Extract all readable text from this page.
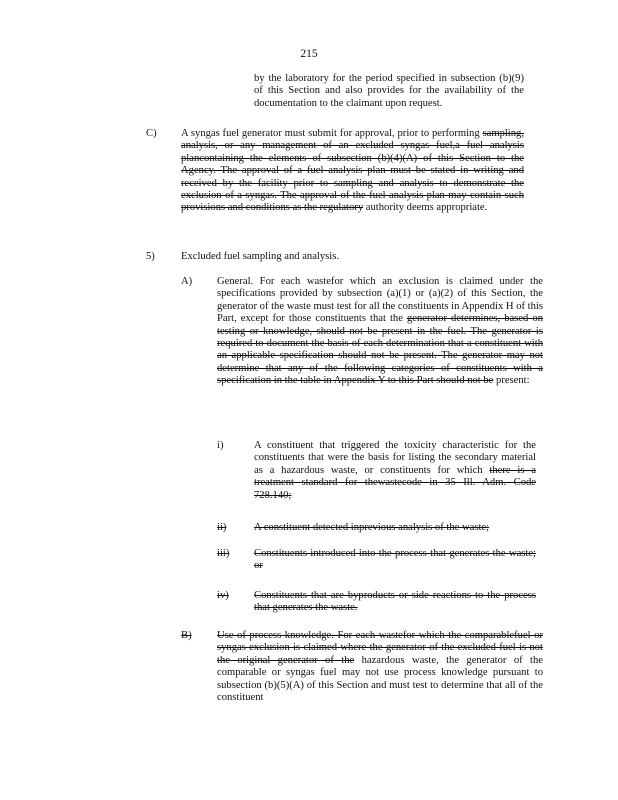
215
by the laboratory for the period specified in subsection (b)(9) of this Section and also provides for the availability of the documentation to the claimant upon request.
C) A syngas fuel generator must submit for approval, prior to performing sampling, analysis, or any management of an excluded syngas fuel,a fuel analysis plancontaining the elements of subsection (b)(4)(A) of this Section to the Agency. The approval of a fuel analysis plan must be stated in writing and received by the facility prior to sampling and analysis to demonstrate the exclusion of a syngas. The approval of the fuel analysis plan may contain such provisions and conditions as the regulatory authority deems appropriate.
5) Excluded fuel sampling and analysis.
A) General. For each wastefor which an exclusion is claimed under the specifications provided by subsection (a)(1) or (a)(2) of this Section, the generator of the waste must test for all the constituents in Appendix H of this Part, except for those constituents that the generator determines, based on testing or knowledge, should not be present in the fuel. The generator is required to document the basis of each determination that a constituent with an applicable specification should not be present. The generator may not determine that any of the following categories of constituents with a specification in the table in Appendix Y to this Part should not be present:
i)	A constituent that triggered the toxicity characteristic for the constituents that were the basis for listing the secondary material as a hazardous waste, or constituents for which there is a treatment standard for thewastecode in 35 Ill. Adm. Code 728.140;
ii)	A constituent detected inprevious analysis of the waste;
iii) Constituents introduced into the process that generates the waste; or
iv) Constituents that are byproducts or side reactions to the process that generates the waste.
B) Use of process knowledge. For each wastefor which the comparablefuel or syngas exclusion is claimed where the generator of the excluded fuel is not the original generator of the hazardous waste, the generator of the comparable or syngas fuel may not use process knowledge pursuant to subsection (b)(5)(A) of this Section and must test to determine that all of the constituent
